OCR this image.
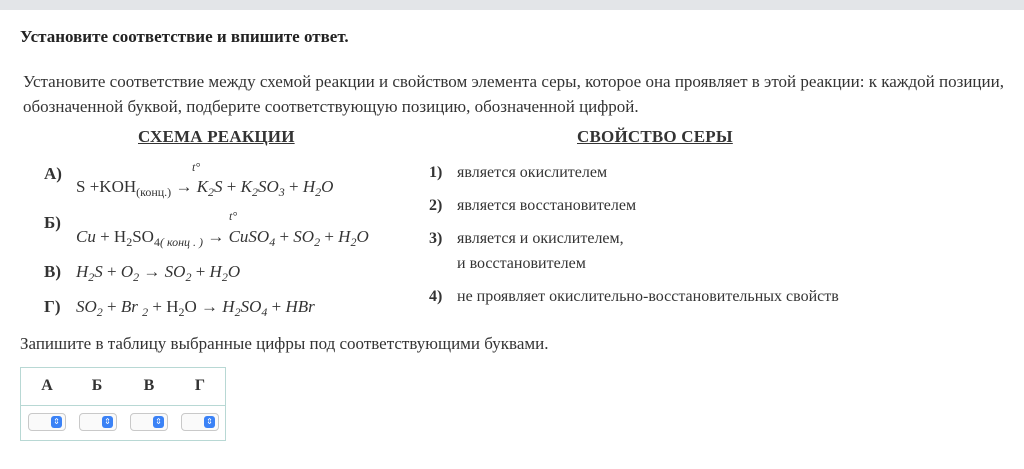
Установите соответствие и впишите ответ.
Установите соответствие между схемой реакции и свойством элемента серы, которое она проявляет в этой реакции: к каждой позиции, обозначенной буквой, подберите соответствующую позицию, обозначенной цифрой.
СХЕМА РЕАКЦИИ	СВОЙСТВО СЕРЫ
А)	t°
$S +KOH_{(конц.)} \to K_2S + K_2SO_3 + H_2O$
Б)	t°
$Cu + H_2SO_{4( конц . )}$ → CuSO$_4$ + $SO_2 + H_2O$
В) $H_2S + O_2 \to SO_2 + H_2O$
Г) $SO_2 + Br$ $_2 + H_2O \to H_2SO_4$ + HBr
1) является окислителем
2) является восстановителем
3) является и окислителем,
и восстановителем
4) не проявляет окислительно-восстановительных свойств
Запишите в таблицу выбранные цифры под соответствующими буквами.
А	Б	В	Г
⇕	⇕	⇕	⇕
